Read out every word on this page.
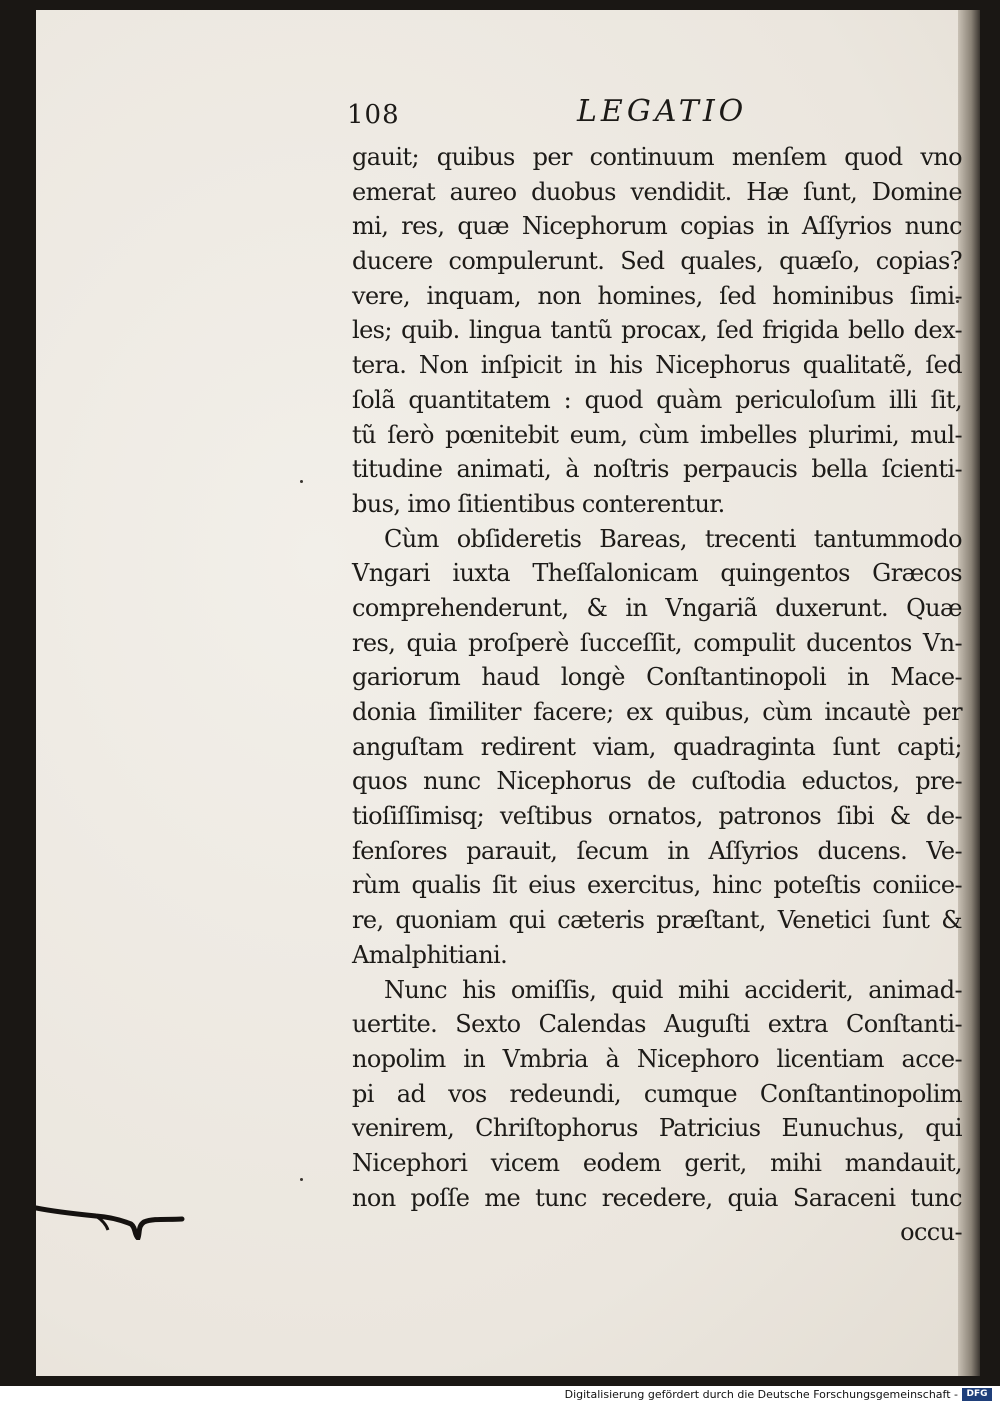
108	LEGATIO
gauit; quibus per continuum menſem quod vno
emerat aureo duobus vendidit. Hæ ſunt, Domine
mi, res, quæ Nicephorum copias in Aſſyrios nunc
ducere compulerunt. Sed quales, quæſo, copias?
vere, inquam, non homines, ſed hominibus ſimi-
les; quib. lingua tantũ procax, ſed frigida bello dex-
tera. Non inſpicit in his Nicephorus qualitatẽ, ſed
ſolã quantitatem : quod quàm periculoſum illi ſit,
tũ ſerò pœnitebit eum, cùm imbelles plurimi, mul-
titudine animati, à noſtris perpaucis bella ſcienti-
bus, imo ſitientibus conterentur.
Cùm obſideretis Bareas, trecenti tantummodo
Vngari iuxta Theſſalonicam quingentos Græcos
comprehenderunt, & in Vngariã duxerunt. Quæ
res, quia proſperè ſucceſſit, compulit ducentos Vn-
gariorum haud longè Conſtantinopoli in Mace-
donia ſimiliter facere; ex quibus, cùm incautè per
anguſtam redirent viam, quadraginta ſunt capti;
quos nunc Nicephorus de cuſtodia eductos, pre-
tioſiſſimisq; veſtibus ornatos, patronos ſibi & de-
fenſores parauit, ſecum in Aſſyrios ducens. Ve-
rùm qualis ſit eius exercitus, hinc poteſtis coniice-
re, quoniam qui cæteris præſtant, Venetici ſunt &
Amalphitiani.
Nunc his omiſſis, quid mihi acciderit, animad-
uertite. Sexto Calendas Auguſti extra Conſtanti-
nopolim in Vmbria à Nicephoro licentiam acce-
pi ad vos redeundi, cumque Conſtantinopolim
venirem, Chriſtophorus Patricius Eunuchus, qui
Nicephori vicem eodem gerit, mihi mandauit,
non poſſe me tunc recedere, quia Saraceni tunc
occu-
Digitalisierung gefördert durch die Deutsche Forschungsgemeinschaft - DFG
